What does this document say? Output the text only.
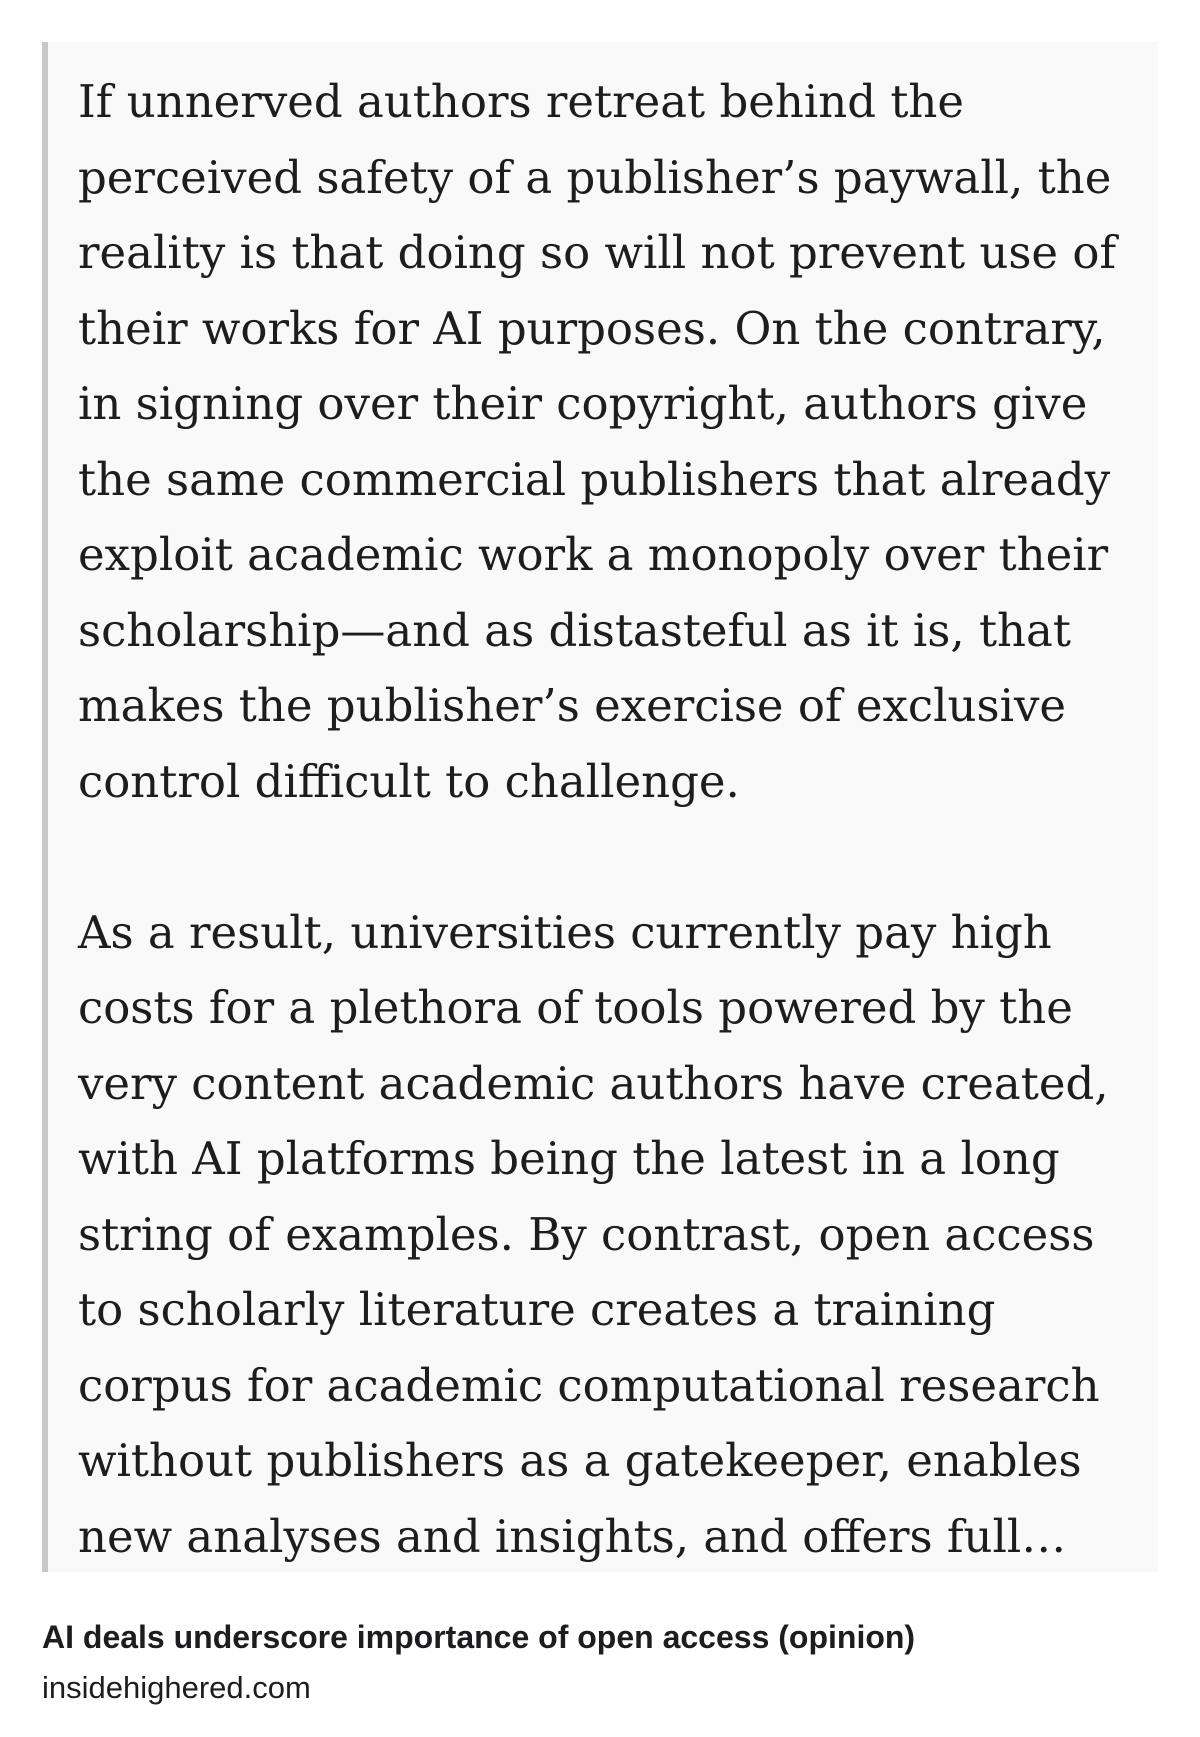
If unnerved authors retreat behind the perceived safety of a publisher’s paywall, the reality is that doing so will not prevent use of their works for AI purposes. On the contrary, in signing over their copyright, authors give the same commercial publishers that already exploit academic work a monopoly over their scholarship—and as distasteful as it is, that makes the publisher’s exercise of exclusive control difficult to challenge.

As a result, universities currently pay high costs for a plethora of tools powered by the very content academic authors have created, with AI platforms being the latest in a long string of examples. By contrast, open access to scholarly literature creates a training corpus for academic computational research without publishers as a gatekeeper, enables new analyses and insights, and offers full…

AI deals underscore importance of open access (opinion)

insidehighered.com
